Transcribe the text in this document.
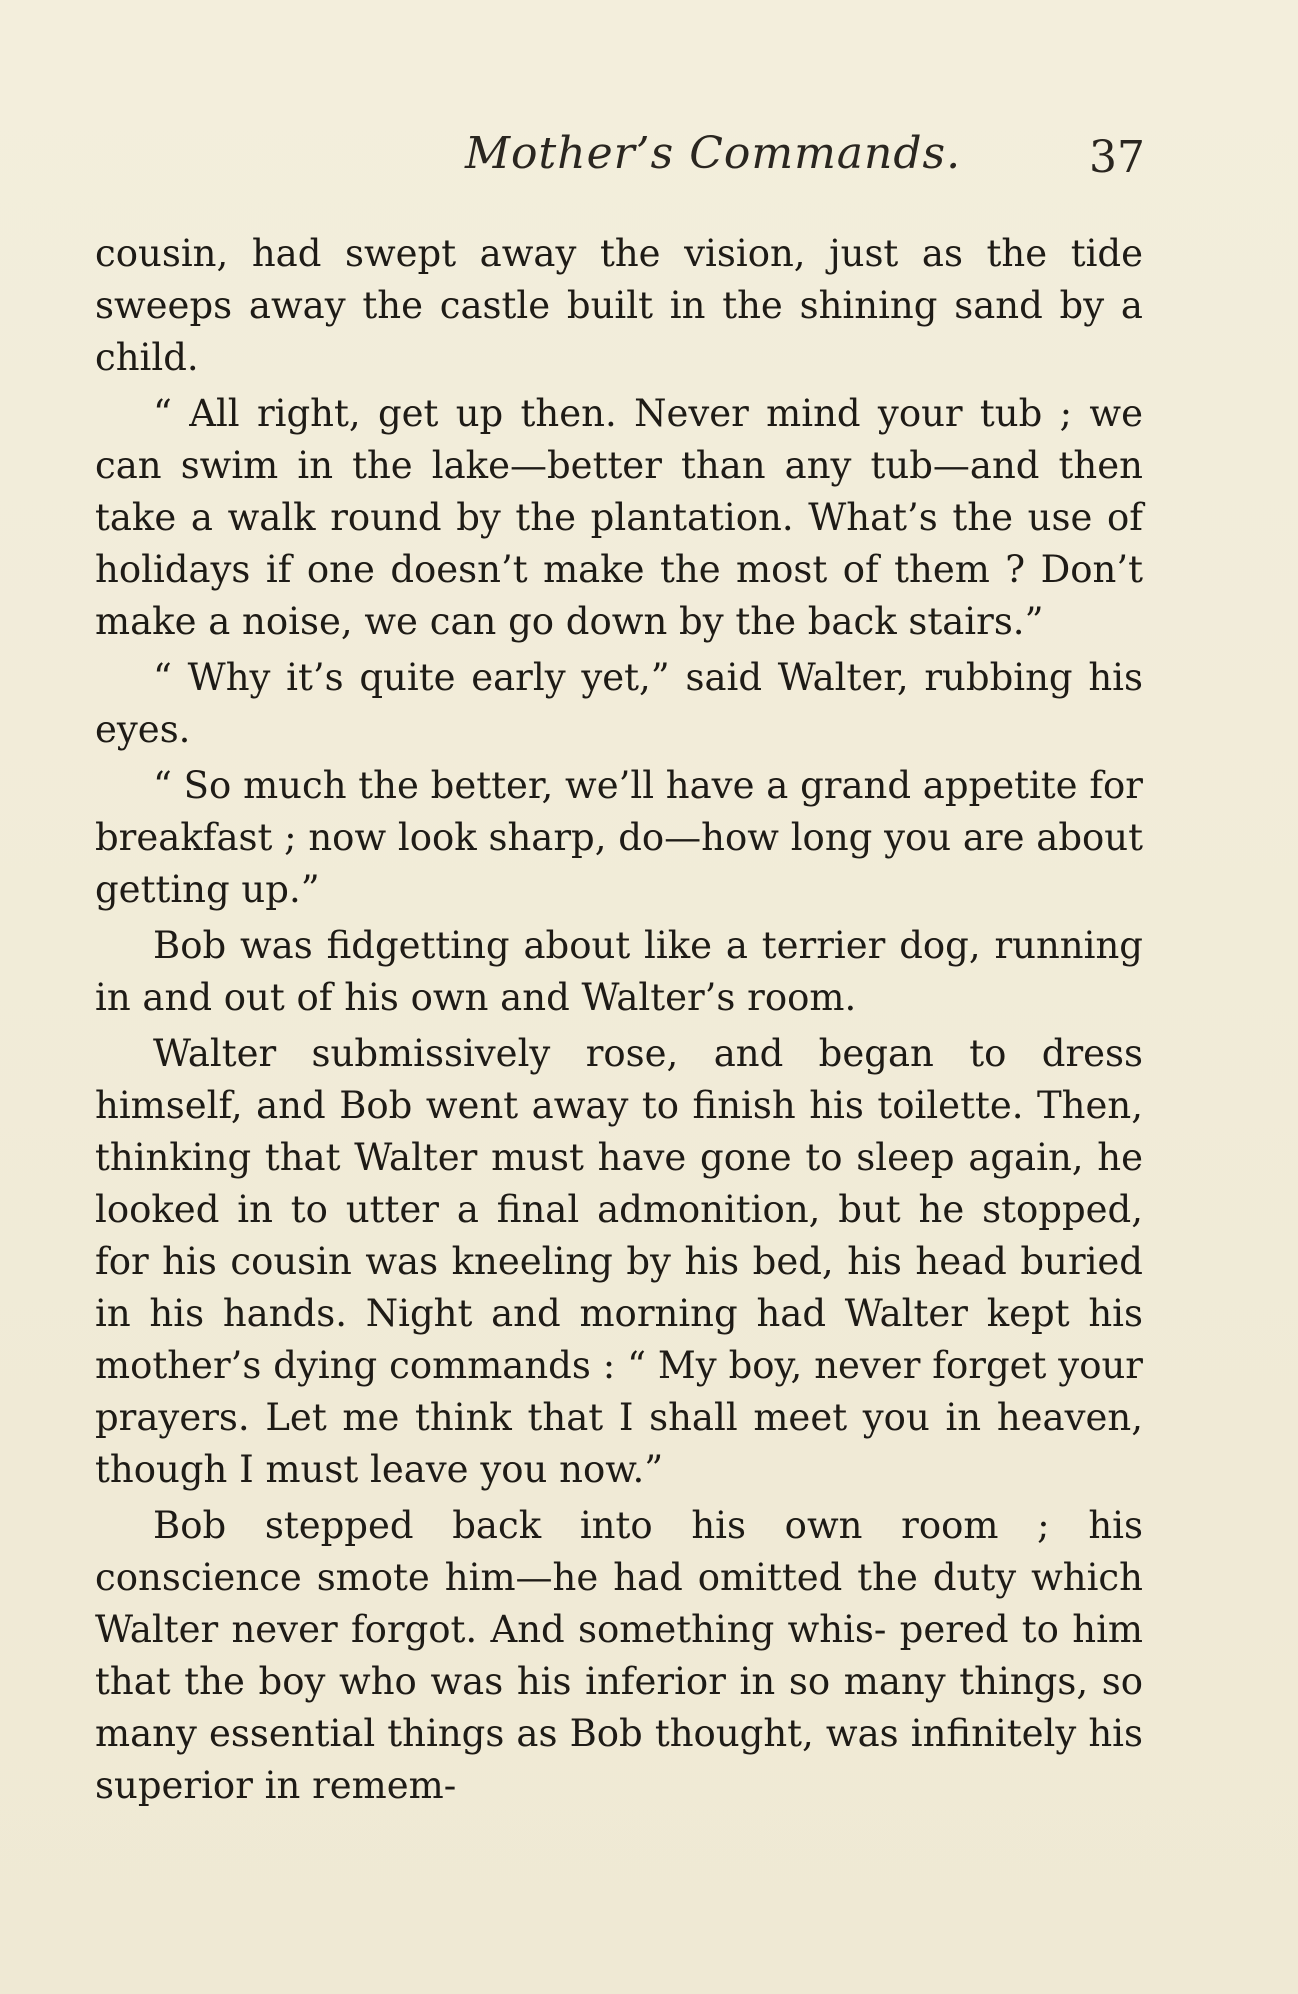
Mother’s Commands.	37

cousin, had swept away the vision, just as the tide sweeps away the castle built in the shining sand by a child.

“ All right, get up then. Never mind your tub ; we can swim in the lake—better than any tub—and then take a walk round by the plantation. What’s the use of holidays if one doesn’t make the most of them ? Don’t make a noise, we can go down by the back stairs.”

“ Why it’s quite early yet,” said Walter, rubbing his eyes.

“ So much the better, we’ll have a grand appetite for breakfast ; now look sharp, do—how long you are about getting up.”

Bob was fidgetting about like a terrier dog, running in and out of his own and Walter’s room.

Walter submissively rose, and began to dress himself, and Bob went away to finish his toilette. Then, thinking that Walter must have gone to sleep again, he looked in to utter a final admonition, but he stopped, for his cousin was kneeling by his bed, his head buried in his hands. Night and morning had Walter kept his mother’s dying commands : “ My boy, never forget your prayers. Let me think that I shall meet you in heaven, though I must leave you now.”

Bob stepped back into his own room ; his conscience smote him—he had omitted the duty which Walter never forgot. And something whis- pered to him that the boy who was his inferior in so many things, so many essential things as Bob thought, was infinitely his superior in remem-
